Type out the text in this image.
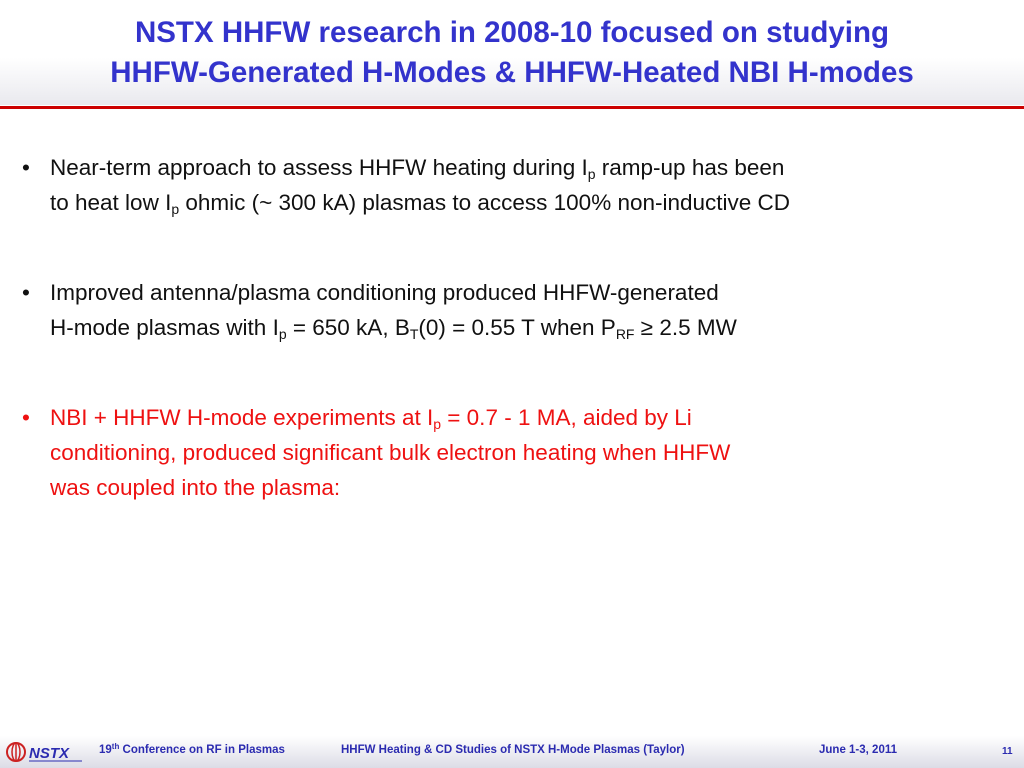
NSTX HHFW research in 2008-10 focused on studying
HHFW-Generated H-Modes & HHFW-Heated NBI H-modes
• Near-term approach to assess HHFW heating during $I_p$ ramp-up has been
to heat low $I_p$ ohmic (~ 300 kA) plasmas to access 100% non-inductive CD
• Improved antenna/plasma conditioning produced HHFW-generated
H-mode plasmas with $I_p = 650$ kA, $B_T(0) = 0.55$ T when $P_{RF} \ge 2.5$ MW
• NBI + HHFW H-mode experiments at $I_p = 0.7 - 1$ MA, aided by Li
conditioning, produced significant bulk electron heating when HHFW
was coupled into the plasma:
NSTX	19th Conference on RF in Plasmas	HHFW Heating & CD Studies of NSTX H-Mode Plasmas (Taylor)	June 1-3, 2011	11
